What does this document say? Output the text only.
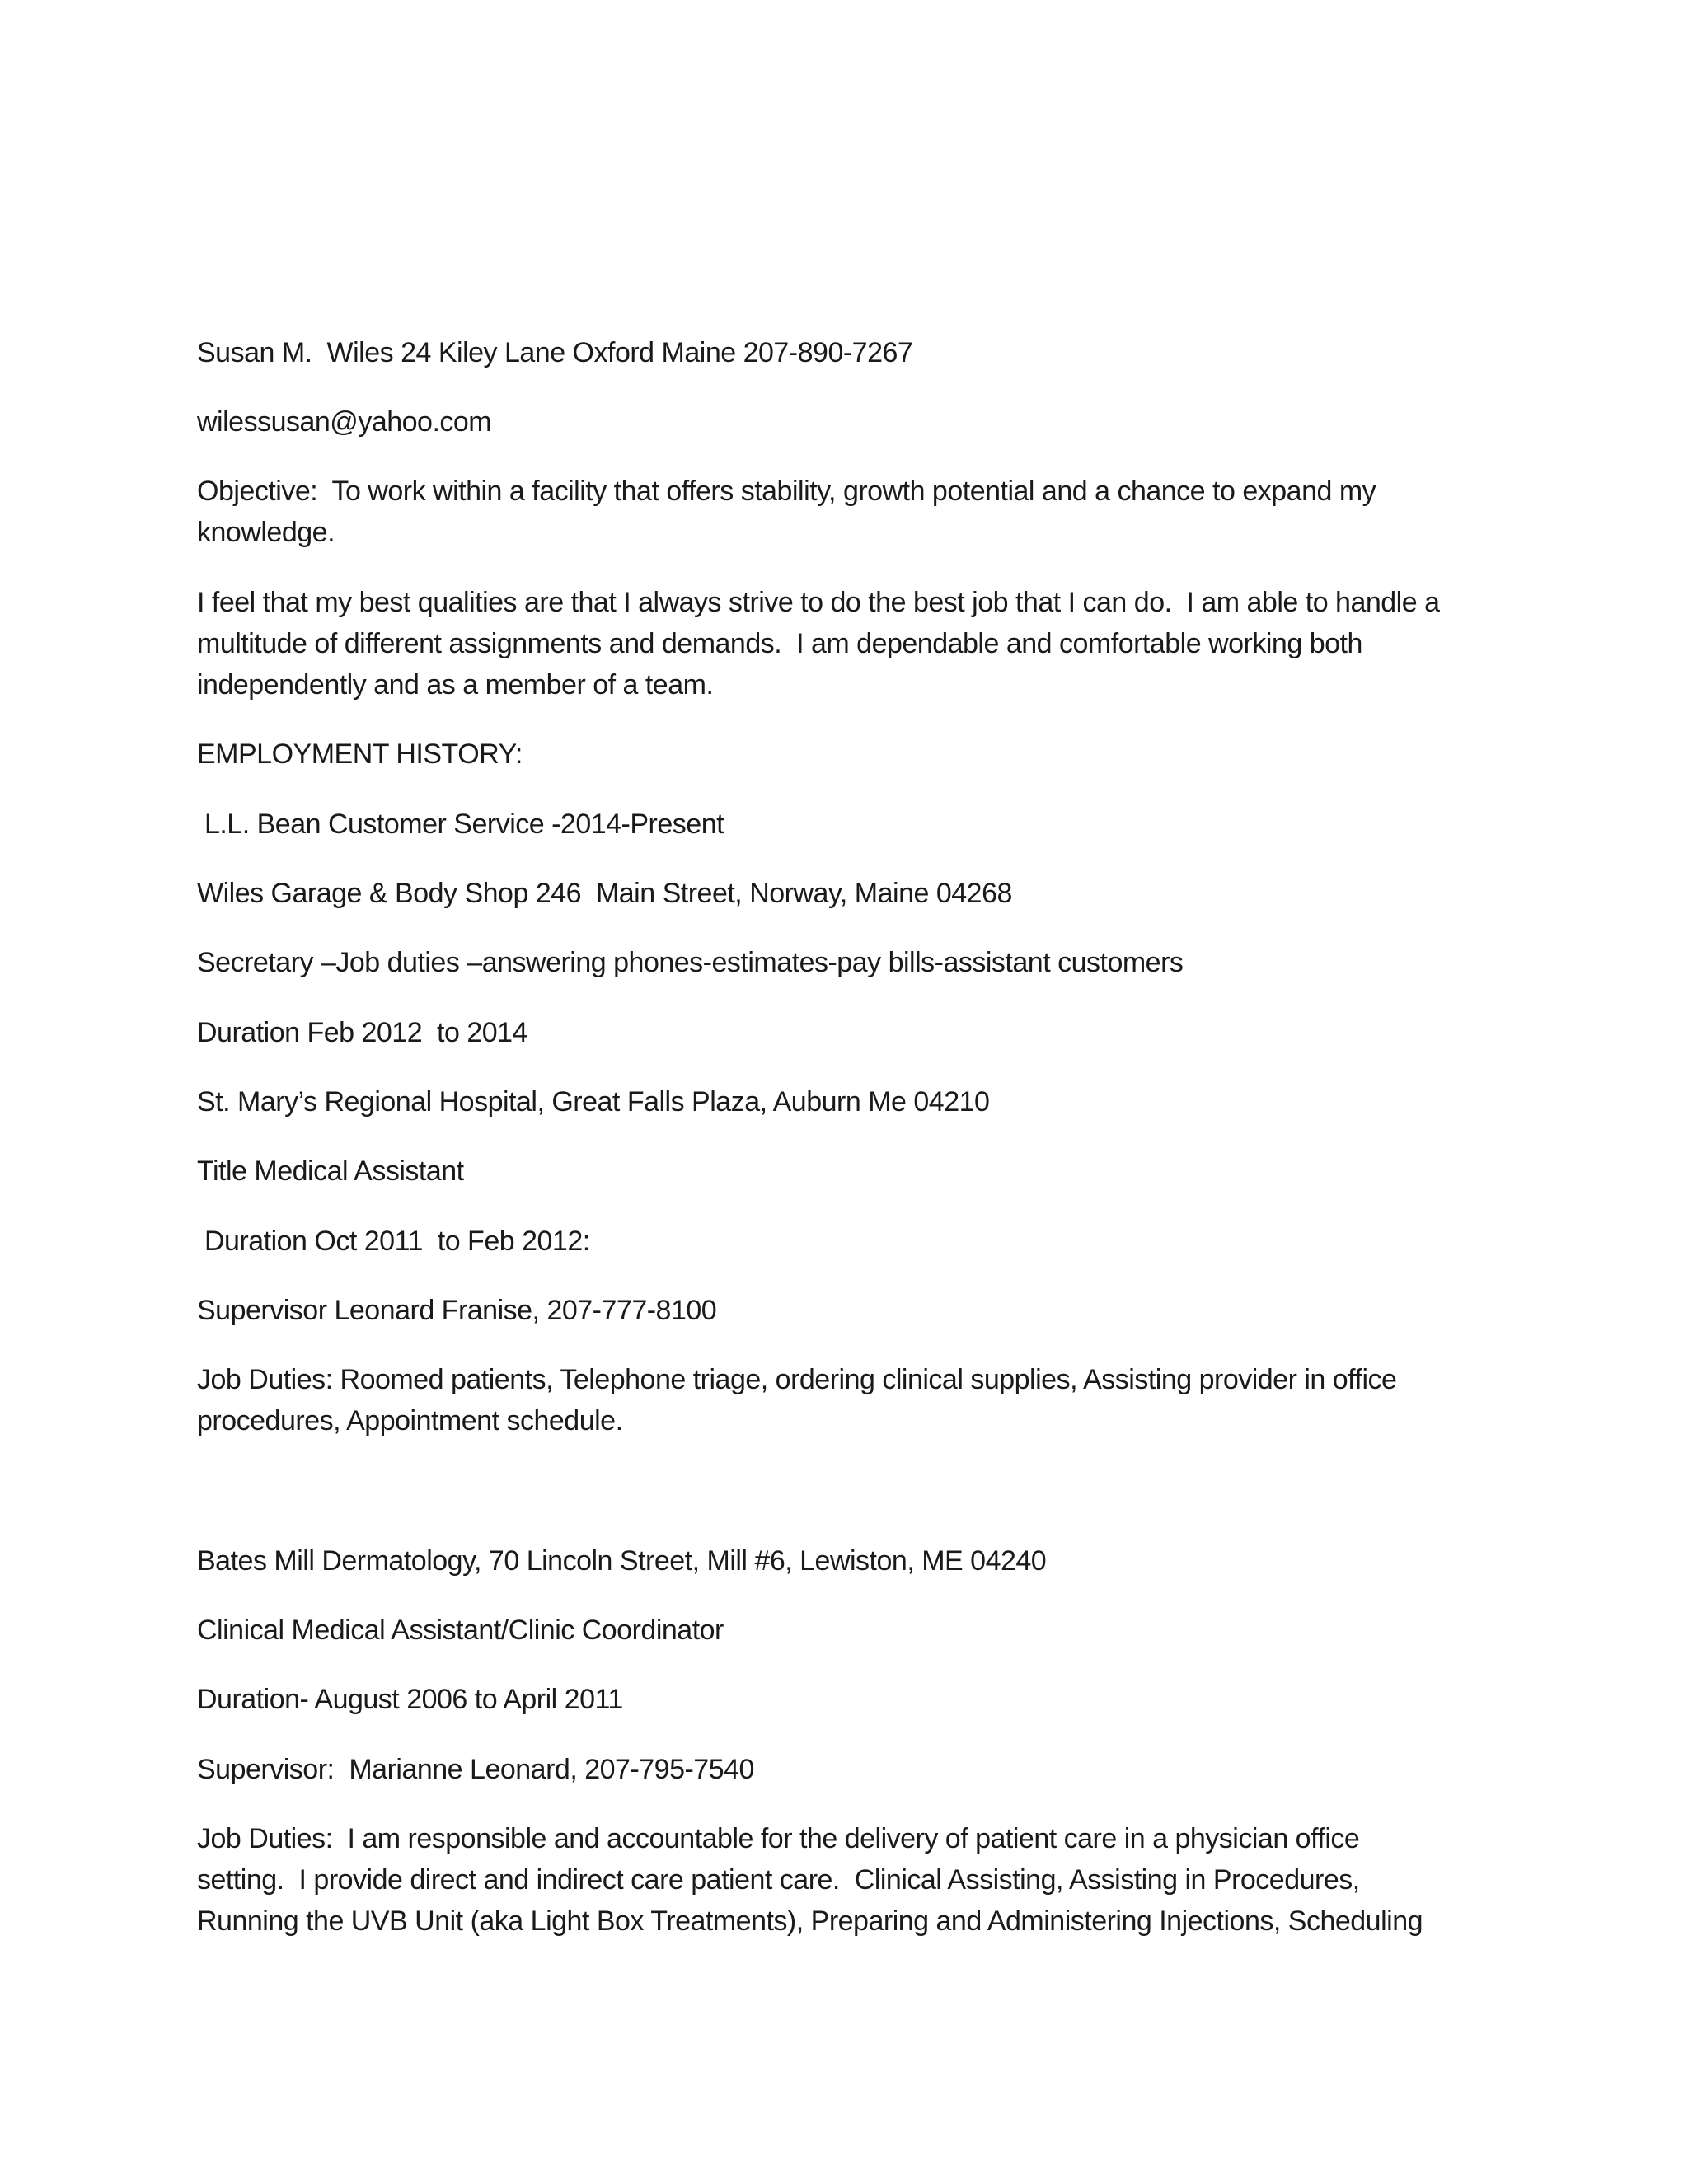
Susan M.  Wiles 24 Kiley Lane Oxford Maine 207-890-7267

wilessusan@yahoo.com

Objective:  To work within a facility that offers stability, growth potential and a chance to expand my

knowledge.

I feel that my best qualities are that I always strive to do the best job that I can do.  I am able to handle a

multitude of different assignments and demands.  I am dependable and comfortable working both

independently and as a member of a team.

EMPLOYMENT HISTORY:

L.L. Bean Customer Service -2014-Present

Wiles Garage & Body Shop 246  Main Street, Norway, Maine 04268

Secretary –Job duties –answering phones-estimates-pay bills-assistant customers

Duration Feb 2012  to 2014

St. Mary’s Regional Hospital, Great Falls Plaza, Auburn Me 04210

Title Medical Assistant

Duration Oct 2011  to Feb 2012:

Supervisor Leonard Franise, 207-777-8100

Job Duties: Roomed patients, Telephone triage, ordering clinical supplies, Assisting provider in office

procedures, Appointment schedule.

Bates Mill Dermatology, 70 Lincoln Street, Mill #6, Lewiston, ME 04240

Clinical Medical Assistant/Clinic Coordinator

Duration- August 2006 to April 2011

Supervisor:  Marianne Leonard, 207-795-7540

Job Duties:  I am responsible and accountable for the delivery of patient care in a physician office

setting.  I provide direct and indirect care patient care.  Clinical Assisting, Assisting in Procedures,

Running the UVB Unit (aka Light Box Treatments), Preparing and Administering Injections, Scheduling
